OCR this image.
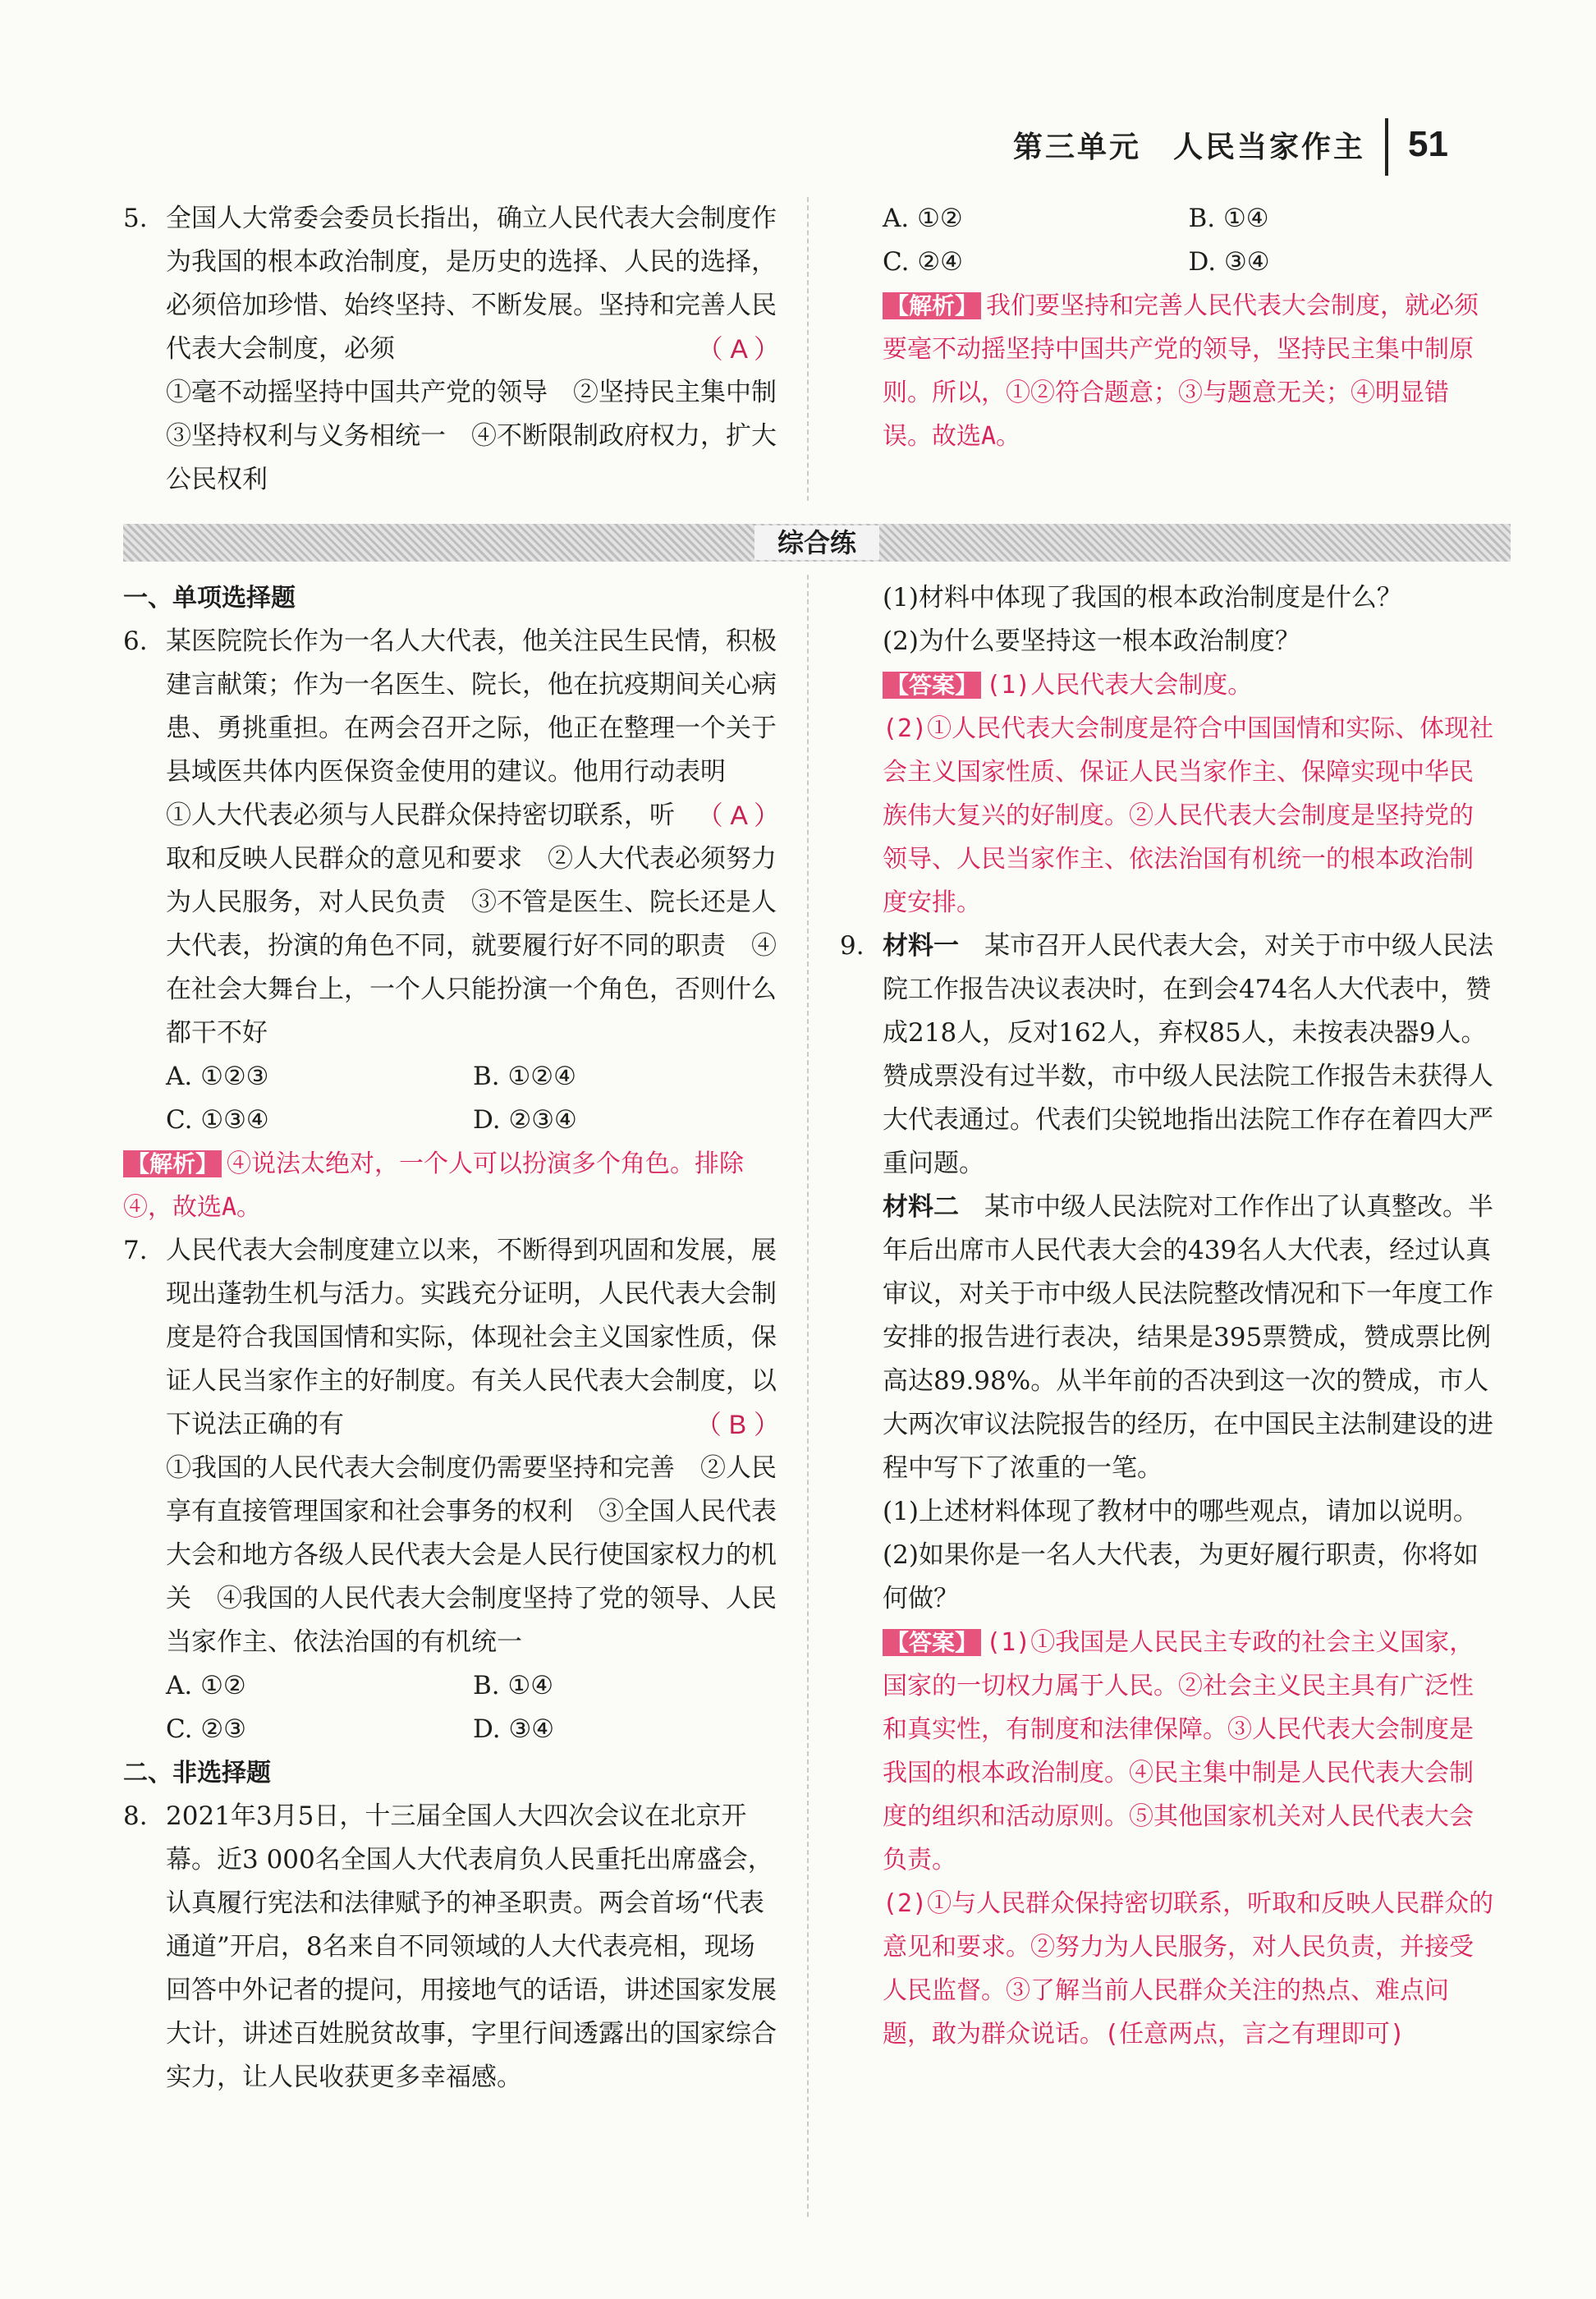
第三单元　人民当家作主 51
5. 全国人大常委会委员长指出，确立人民代表大会制度作为我国的根本政治制度，是历史的选择、人民的选择，必须倍加珍惜、始终坚持、不断发展。坚持和完善人民代表大会制度，必须	（ A ）

①毫不动摇坚持中国共产党的领导　②坚持民主集中制　③坚持权利与义务相统一　④不断限制政府权力，扩大公民权利

A. ①②	B. ①④
C. ②④	D. ③④

【解析】 我们要坚持和完善人民代表大会制度，就必须要毫不动摇坚持中国共产党的领导，坚持民主集中制原则。所以，①②符合题意；③与题意无关；④明显错误。故选A。

综合练

一、单项选择题

6. 某医院院长作为一名人大代表，他关注民生民情，积极建言献策；作为一名医生、院长，他在抗疫期间关心病患、勇挑重担。在两会召开之际，他正在整理一个关于县域医共体内医保资金使用的建议。他用行动表明
（ A ）

①人大代表必须与人民群众保持密切联系，听取和反映人民群众的意见和要求　②人大代表必须努力为人民服务，对人民负责　③不管是医生、院长还是人大代表，扮演的角色不同，就要履行好不同的职责　④在社会大舞台上，一个人只能扮演一个角色，否则什么都干不好

A. ①②③	B. ①②④
C. ①③④	D. ②③④

【解析】 ④说法太绝对，一个人可以扮演多个角色。排除④，故选A。

7. 人民代表大会制度建立以来，不断得到巩固和发展，展现出蓬勃生机与活力。实践充分证明，人民代表大会制度是符合我国国情和实际，体现社会主义国家性质，保证人民当家作主的好制度。有关人民代表大会制度，以下说法正确的有	（ B ）

①我国的人民代表大会制度仍需要坚持和完善　②人民享有直接管理国家和社会事务的权利　③全国人民代表大会和地方各级人民代表大会是人民行使国家权力的机关　④我国的人民代表大会制度坚持了党的领导、人民当家作主、依法治国的有机统一

A. ①②	B. ①④
C. ②③	D. ③④

二、非选择题

8. 2021年3月5日，十三届全国人大四次会议在北京开幕。近3 000名全国人大代表肩负人民重托出席盛会，认真履行宪法和法律赋予的神圣职责。两会首场“代表通道”开启，8名来自不同领域的人大代表亮相，现场回答中外记者的提问，用接地气的话语，讲述国家发展大计，讲述百姓脱贫故事，字里行间透露出的国家综合实力，让人民收获更多幸福感。

(1)材料中体现了我国的根本政治制度是什么？

(2)为什么要坚持这一根本政治制度？

【答案】 (1)人民代表大会制度。

(2)①人民代表大会制度是符合中国国情和实际、体现社会主义国家性质、保证人民当家作主、保障实现中华民族伟大复兴的好制度。②人民代表大会制度是坚持党的领导、人民当家作主、依法治国有机统一的根本政治制度安排。

9. 材料一　 某市召开人民代表大会，对关于市中级人民法院工作报告决议表决时，在到会474名人大代表中，赞成218人，反对162人，弃权85人，未按表决器9人。赞成票没有过半数，市中级人民法院工作报告未获得人大代表通过。代表们尖锐地指出法院工作存在着四大严重问题。

材料二　 某市中级人民法院对工作作出了认真整改。半年后出席市人民代表大会的439名人大代表，经过认真审议，对关于市中级人民法院整改情况和下一年度工作安排的报告进行表决，结果是395票赞成，赞成票比例高达89.98%。从半年前的否决到这一次的赞成，市人大两次审议法院报告的经历，在中国民主法制建设的进程中写下了浓重的一笔。

(1)上述材料体现了教材中的哪些观点，请加以说明。

(2)如果你是一名人大代表，为更好履行职责，你将如何做？

【答案】 (1)①我国是人民民主专政的社会主义国家，国家的一切权力属于人民。②社会主义民主具有广泛性和真实性，有制度和法律保障。③人民代表大会制度是我国的根本政治制度。④民主集中制是人民代表大会制度的组织和活动原则。⑤其他国家机关对人民代表大会负责。

(2)①与人民群众保持密切联系，听取和反映人民群众的意见和要求。②努力为人民服务，对人民负责，并接受人民监督。③了解当前人民群众关注的热点、难点问题，敢为群众说话。(任意两点，言之有理即可)
